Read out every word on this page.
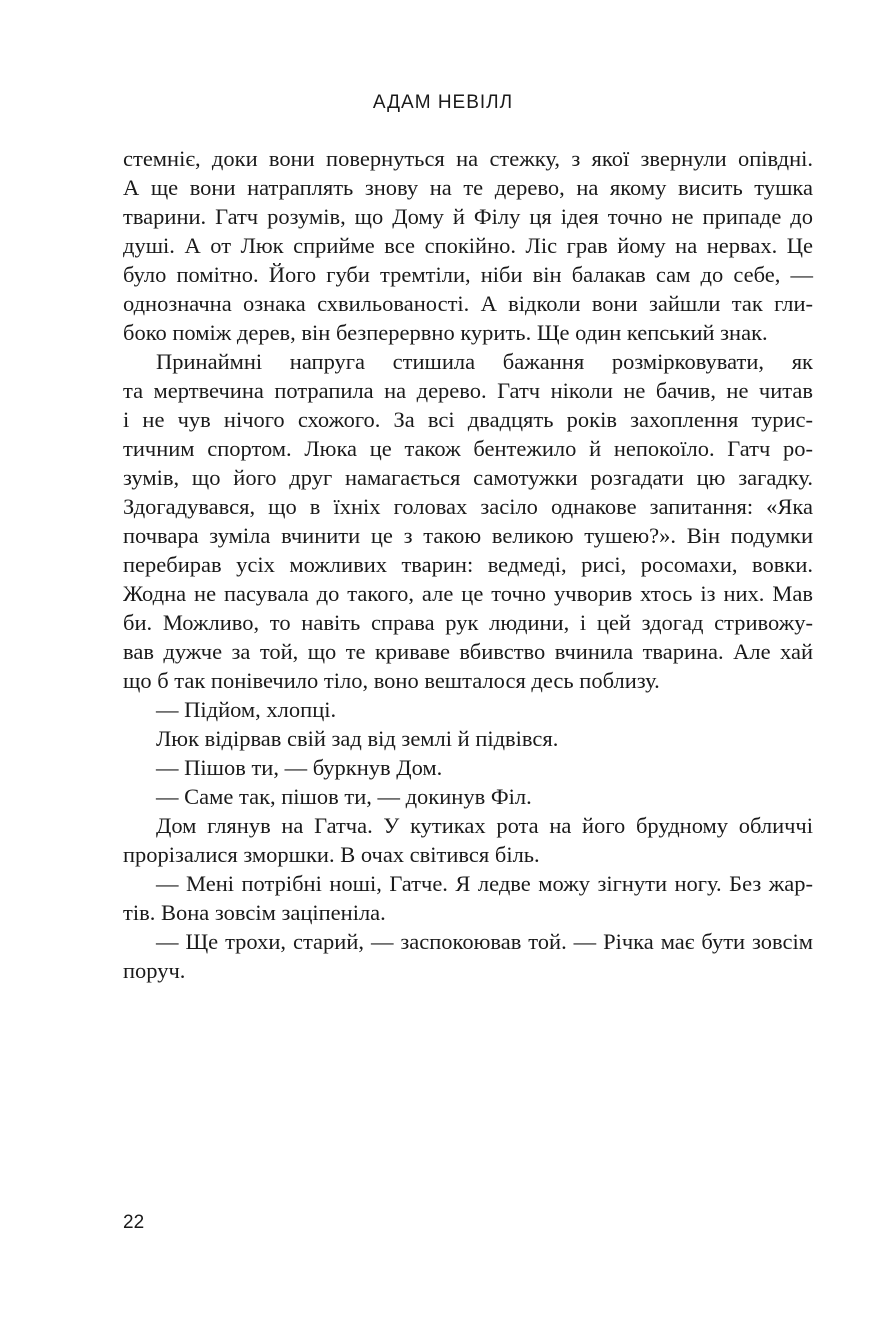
АДАМ НЕВІЛЛ
стемніє, доки вони повернуться на стежку, з якої звернули опівдні.
А ще вони натраплять знову на те дерево, на якому висить тушка
тварини. Гатч розумів, що Дому й Філу ця ідея точно не припаде до
душі. А от Люк сприйме все спокійно. Ліс грав йому на нервах. Це
було помітно. Його губи тремтіли, ніби він балакав сам до себе, —
однозначна ознака схвильованості. А відколи вони зайшли так гли-
боко поміж дерев, він безперервно курить. Ще один кепський знак.
Принаймні напруга стишила бажання розмірковувати, як
та мертвечина потрапила на дерево. Гатч ніколи не бачив, не читав
і не чув нічого схожого. За всі двадцять років захоплення турис-
тичним спортом. Люка це також бентежило й непокоїло. Гатч ро-
зумів, що його друг намагається самотужки розгадати цю загадку.
Здогадувався, що в їхніх головах засіло однакове запитання: «Яка
почвара зуміла вчинити це з такою великою тушею?». Він подумки
перебирав усіх можливих тварин: ведмеді, рисі, росомахи, вовки.
Жодна не пасувала до такого, але це точно учворив хтось із них. Мав
би. Можливо, то навіть справа рук людини, і цей здогад стривожу-
вав дужче за той, що те криваве вбивство вчинила тварина. Але хай
що б так понівечило тіло, воно вешталося десь поблизу.
— Підйом, хлопці.
Люк відірвав свій зад від землі й підвівся.
— Пішов ти, — буркнув Дом.
— Саме так, пішов ти, — докинув Філ.
Дом глянув на Гатча. У кутиках рота на його брудному обличчі
прорізалися зморшки. В очах світився біль.
— Мені потрібні ноші, Гатче. Я ледве можу зігнути ногу. Без жар-
тів. Вона зовсім заціпеніла.
— Ще трохи, старий, — заспокоював той. — Річка має бути зовсім
поруч.
22
